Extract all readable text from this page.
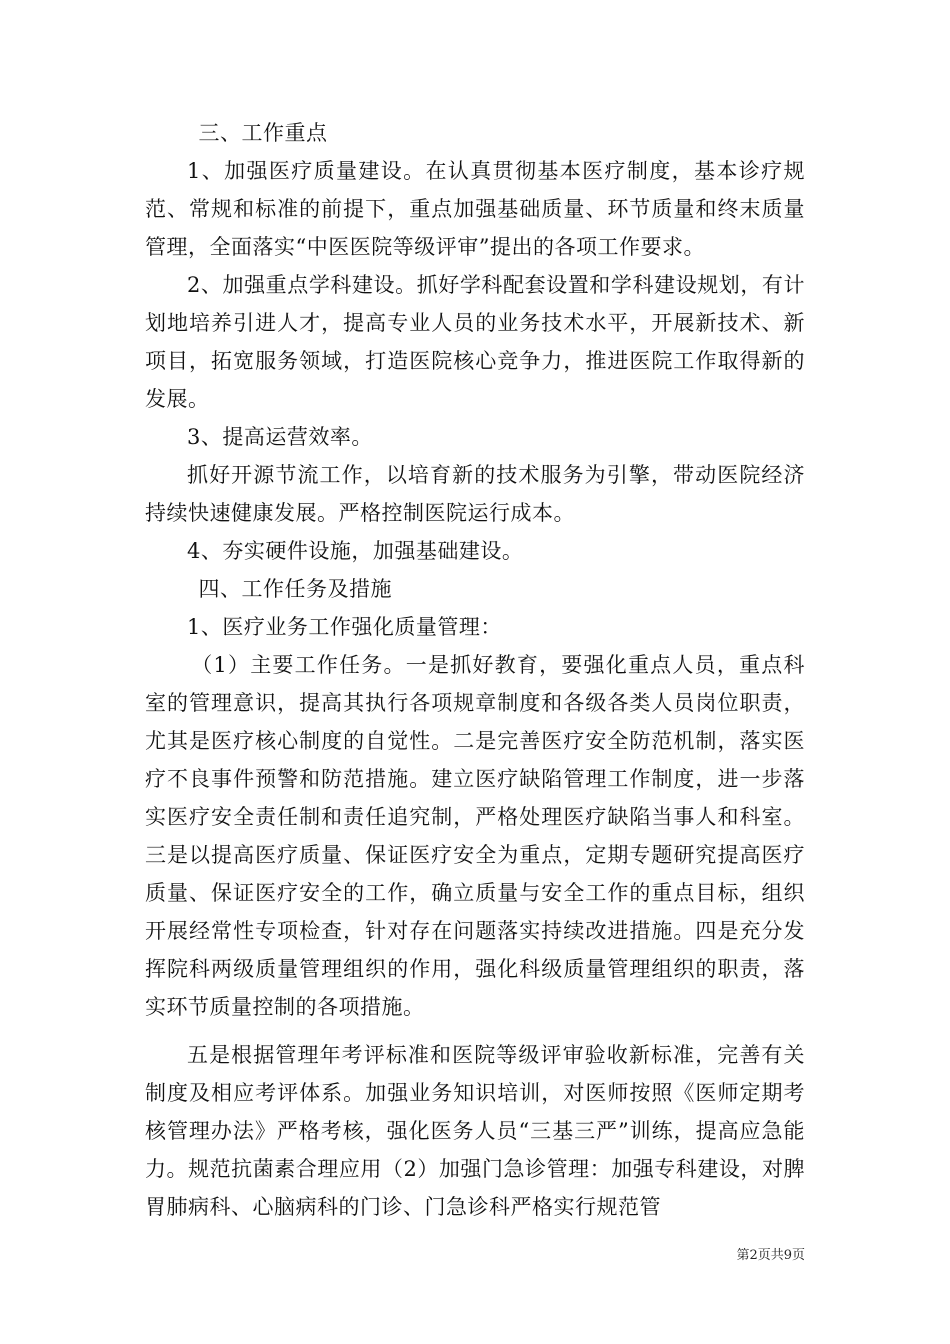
三、工作重点

1、加强医疗质量建设。在认真贯彻基本医疗制度，基本诊疗规范、常规和标准的前提下，重点加强基础质量、环节质量和终末质量管理，全面落实“中医医院等级评审”提出的各项工作要求。

2、加强重点学科建设。抓好学科配套设置和学科建设规划，有计划地培养引进人才，提高专业人员的业务技术水平，开展新技术、新项目，拓宽服务领域，打造医院核心竞争力，推进医院工作取得新的发展。

3、提高运营效率。

抓好开源节流工作，以培育新的技术服务为引擎，带动医院经济持续快速健康发展。严格控制医院运行成本。

4、夯实硬件设施，加强基础建设。

四、工作任务及措施

1、医疗业务工作强化质量管理：

（1）主要工作任务。一是抓好教育，要强化重点人员，重点科室的管理意识，提高其执行各项规章制度和各级各类人员岗位职责，尤其是医疗核心制度的自觉性。二是完善医疗安全防范机制，落实医疗不良事件预警和防范措施。建立医疗缺陷管理工作制度，进一步落实医疗安全责任制和责任追究制，严格处理医疗缺陷当事人和科室。三是以提高医疗质量、保证医疗安全为重点，定期专题研究提高医疗质量、保证医疗安全的工作，确立质量与安全工作的重点目标，组织开展经常性专项检查，针对存在问题落实持续改进措施。四是充分发挥院科两级质量管理组织的作用，强化科级质量管理组织的职责，落实环节质量控制的各项措施。

五是根据管理年考评标准和医院等级评审验收新标准，完善有关制度及相应考评体系。加强业务知识培训，对医师按照《医师定期考核管理办法》严格考核，强化医务人员“三基三严”训练，提高应急能力。规范抗菌素合理应用（2）加强门急诊管理：加强专科建设，对脾胃肺病科、心脑病科的门诊、门急诊科严格实行规范管

第2页共9页
